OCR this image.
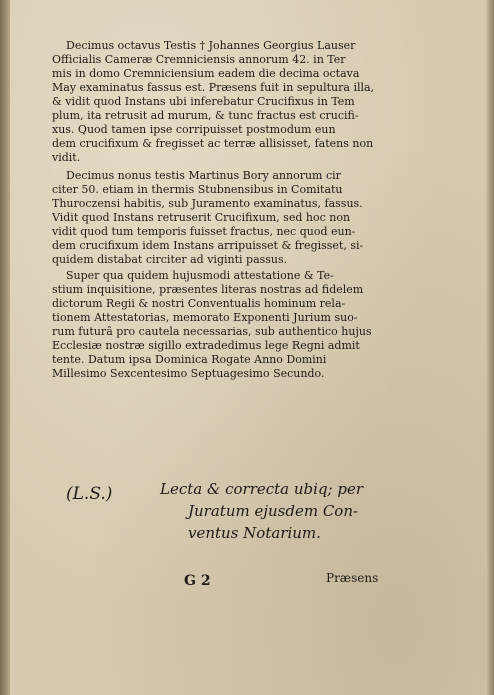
Decimus octavus Testis † Johannes Georgius Lauser
Officialis Cameræ Cremniciensis annorum 42. in Ter
mis in domo Cremniciensium eadem die decima octava
May examinatus fassus est. Præsens fuit in sepultura illa,
& vidit quod Instans ubi inferebatur Crucifixus in Tem
plum, ita retrusit ad murum, & tunc fractus est crucifi-
xus. Quod tamen ipse corripuisset postmodum eun
dem crucifixum & fregisset ac terræ allisisset, fatens non
vidit.
Decimus nonus testis Martinus Bory annorum cir
citer 50. etiam in thermis Stubnensibus in Comitatu
Thuroczensi habitis, sub Juramento examinatus, fassus.
Vidit quod Instans retruserit Crucifixum, sed hoc non
vidit quod tum temporis fuisset fractus, nec quod eun-
dem crucifixum idem Instans arripuisset & fregisset, si-
quidem distabat circiter ad viginti passus.
Super qua quidem hujusmodi attestatione & Te-
stium inquisitione, præsentes literas nostras ad fidelem
dictorum Regii & nostri Conventualis hominum rela-
tionem Attestatorias, memorato Exponenti Jurium suo-
rum futurâ pro cautela necessarias, sub authentico hujus
Ecclesiæ nostræ sigillo extradedimus lege Regni admit
tente. Datum ipsa Dominica Rogate Anno Domini
Millesimo Sexcentesimo Septuagesimo Secundo.
(L.S.)	Lecta & correcta ubiq; per
Juratum ejusdem Con-
ventus Notarium.
G 2	Præsens
